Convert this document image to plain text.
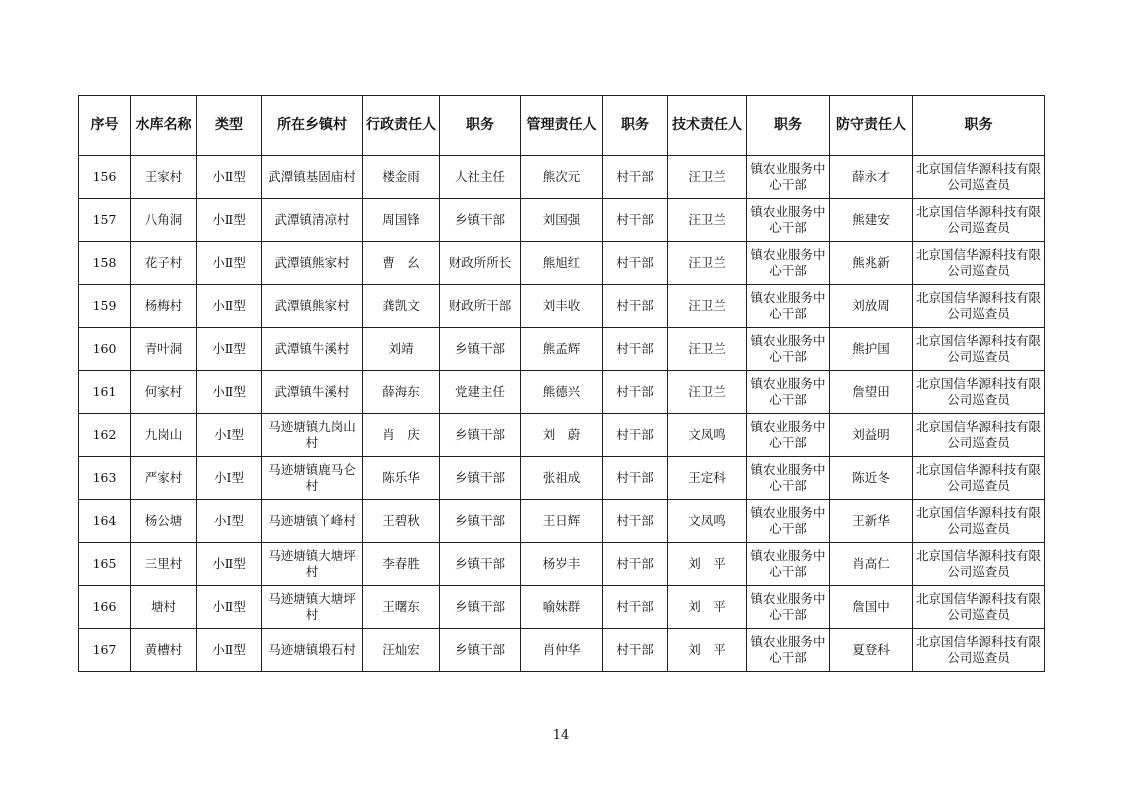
序号	水库名称	类型	所在乡镇村	行政责任人	职务	管理责任人	职务	技术责任人	职务	防守责任人	职务
156	王家村	小Ⅱ型	武潭镇基固庙村	楼金雨	人社主任	熊次元	村干部	汪卫兰	镇农业服务中心干部	薛永才	北京国信华源科技有限公司巡查员
157	八角洞	小Ⅱ型	武潭镇清凉村	周国锋	乡镇干部	刘国强	村干部	汪卫兰	镇农业服务中心干部	熊建安	北京国信华源科技有限公司巡查员
158	花子村	小Ⅱ型	武潭镇熊家村	曹　幺	财政所所长	熊旭红	村干部	汪卫兰	镇农业服务中心干部	熊兆新	北京国信华源科技有限公司巡查员
159	杨梅村	小Ⅱ型	武潭镇熊家村	龚凯文	财政所干部	刘丰收	村干部	汪卫兰	镇农业服务中心干部	刘放周	北京国信华源科技有限公司巡查员
160	青叶洞	小Ⅱ型	武潭镇牛溪村	刘靖	乡镇干部	熊孟辉	村干部	汪卫兰	镇农业服务中心干部	熊护国	北京国信华源科技有限公司巡查员
161	何家村	小Ⅱ型	武潭镇牛溪村	薛海东	党建主任	熊德兴	村干部	汪卫兰	镇农业服务中心干部	詹望田	北京国信华源科技有限公司巡查员
162	九岗山	小Ⅰ型	马迹塘镇九岗山村	肖　庆	乡镇干部	刘　蔚	村干部	文凤鸣	镇农业服务中心干部	刘益明	北京国信华源科技有限公司巡查员
163	严家村	小Ⅰ型	马迹塘镇鹿马仑村	陈乐华	乡镇干部	张祖成	村干部	王定科	镇农业服务中心干部	陈近冬	北京国信华源科技有限公司巡查员
164	杨公塘	小Ⅰ型	马迹塘镇丫峰村	王碧秋	乡镇干部	王日辉	村干部	文凤鸣	镇农业服务中心干部	王新华	北京国信华源科技有限公司巡查员
165	三里村	小Ⅱ型	马迹塘镇大塘坪村	李春胜	乡镇干部	杨岁丰	村干部	刘　平	镇农业服务中心干部	肖高仁	北京国信华源科技有限公司巡查员
166	塘村	小Ⅱ型	马迹塘镇大塘坪村	王曙东	乡镇干部	喻妹群	村干部	刘　平	镇农业服务中心干部	詹国中	北京国信华源科技有限公司巡查员
167	黄槽村	小Ⅱ型	马迹塘镇塅石村	汪灿宏	乡镇干部	肖仲华	村干部	刘　平	镇农业服务中心干部	夏登科	北京国信华源科技有限公司巡查员
14
